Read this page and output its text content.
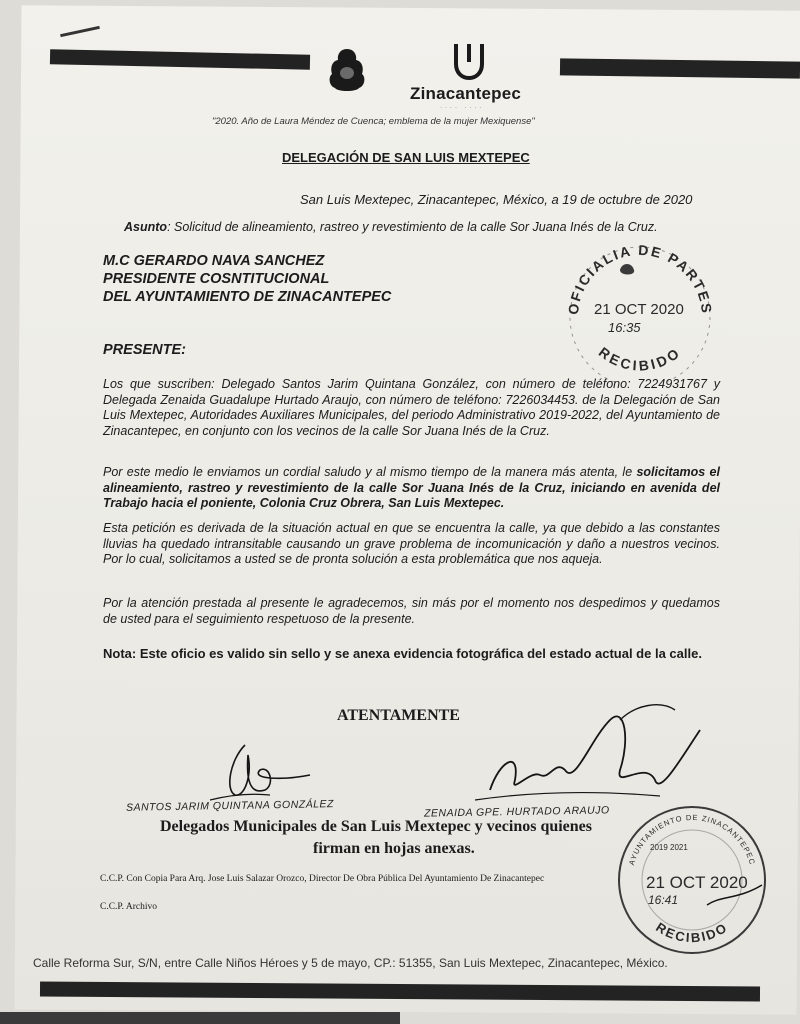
Zinacantepec
···· ····
"2020. Año de Laura Méndez de Cuenca; emblema de la mujer Mexiquense"
DELEGACIÓN DE SAN LUIS MEXTEPEC
San Luis Mextepec, Zinacantepec, México, a 19 de octubre de 2020
Asunto: Solicitud de alineamiento, rastreo y revestimiento de la calle Sor Juana Inés de la Cruz.
M.C GERARDO NAVA SANCHEZ
PRESIDENTE COSNTITUCIONAL
DEL AYUNTAMIENTO DE ZINACANTEPEC
PRESENTE:
Los que suscriben: Delegado Santos Jarim Quintana González, con número de teléfono: 7224931767 y Delegada Zenaida Guadalupe Hurtado Araujo, con número de teléfono: 7226034453. de la Delegación de San Luis Mextepec, Autoridades Auxiliares Municipales, del periodo Administrativo 2019-2022, del Ayuntamiento de Zinacantepec, en conjunto con los vecinos de la calle Sor Juana Inés de la Cruz.
Por este medio le enviamos un cordial saludo y al mismo tiempo de la manera más atenta, le solicitamos el alineamiento, rastreo y revestimiento de la calle Sor Juana Inés de la Cruz, iniciando en avenida del Trabajo hacia el poniente, Colonia Cruz Obrera, San Luis Mextepec.
Esta petición es derivada de la situación actual en que se encuentra la calle, ya que debido a las constantes lluvias ha quedado intransitable causando un grave problema de incomunicación y daño a nuestros vecinos. Por lo cual, solicitamos a usted se de pronta solución a esta problemática que nos aqueja.
Por la atención prestada al presente le agradecemos, sin más por el momento nos despedimos y quedamos de usted para el seguimiento respetuoso de la presente.
Nota: Este oficio es valido sin sello y se anexa evidencia fotográfica del estado actual de la calle.
ATENTAMENTE
SANTOS JARIM QUINTANA GONZÁLEZ	ZENAIDA GPE. HURTADO ARAUJO
Delegados Municipales de San Luis Mextepec y vecinos quienes
firman en hojas anexas.
C.C.P. Con Copia Para Arq. Jose Luis Salazar Orozco, Director De Obra Pública Del Ayuntamiento De Zinacantepec
C.C.P. Archivo
Calle Reforma Sur, S/N, entre Calle Niños Héroes y 5 de mayo, CP.: 51355, San Luis Mextepec, Zinacantepec, México.
OFICIALIA DE PARTES
RECIBIDO
21 OCT 2020
16:35
AYUNTAMIENTO DE ZINACANTEPEC
2019 2021
21 OCT 2020
16:41
RECIBIDO
